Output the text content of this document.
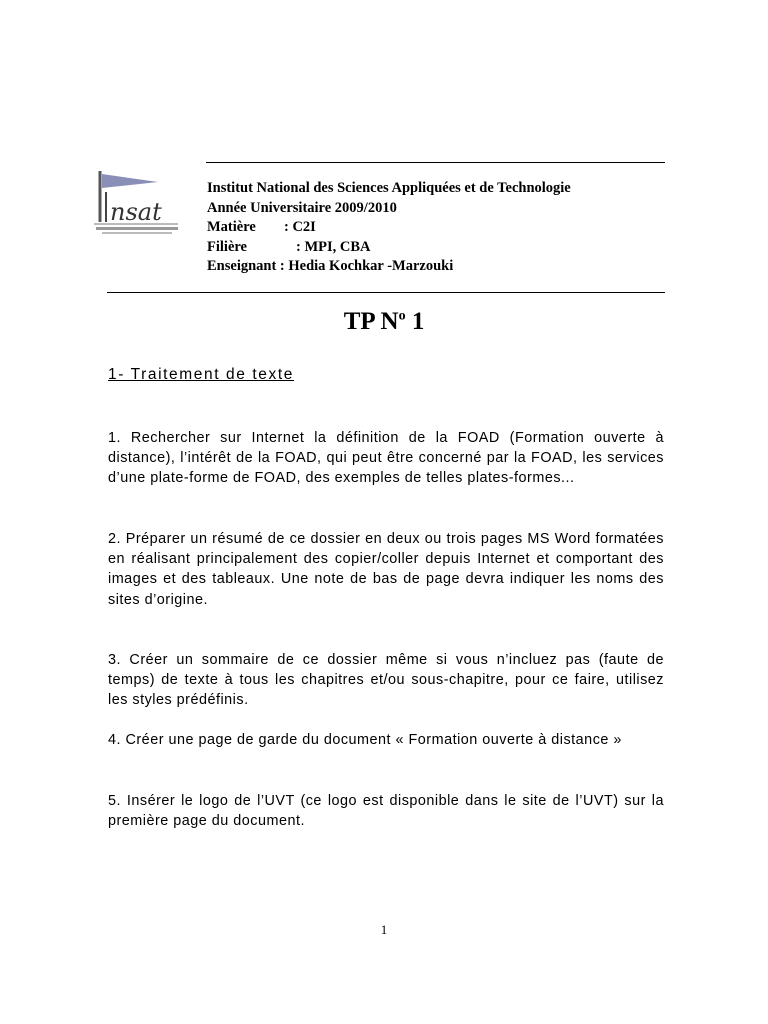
nsat
Institut National des Sciences Appliquées et de Technologie
Année Universitaire 2009/2010
Matière	: C2I
Filière	: MPI, CBA
Enseignant : Hedia Kochkar -Marzouki
TP $N^o$ 1
1- Traitement de texte
1. Rechercher sur Internet la définition de la FOAD (Formation ouverte à distance), l’intérêt de la FOAD, qui peut être concerné par la FOAD, les services d’une plate-forme de FOAD, des exemples de telles plates-formes...
2. Préparer un résumé de ce dossier en deux ou trois pages MS Word formatées en réalisant principalement des copier/coller depuis Internet et comportant des images et des tableaux. Une note de bas de page devra indiquer les noms des sites d’origine.
3. Créer un sommaire de ce dossier même si vous n’incluez pas (faute de temps) de texte à tous les chapitres et/ou sous-chapitre, pour ce faire, utilisez les styles prédéfinis.
4. Créer une page de garde du document « Formation ouverte à distance »
5. Insérer le logo de l’UVT (ce logo est disponible dans le site de l’UVT) sur la première page du document.
1
